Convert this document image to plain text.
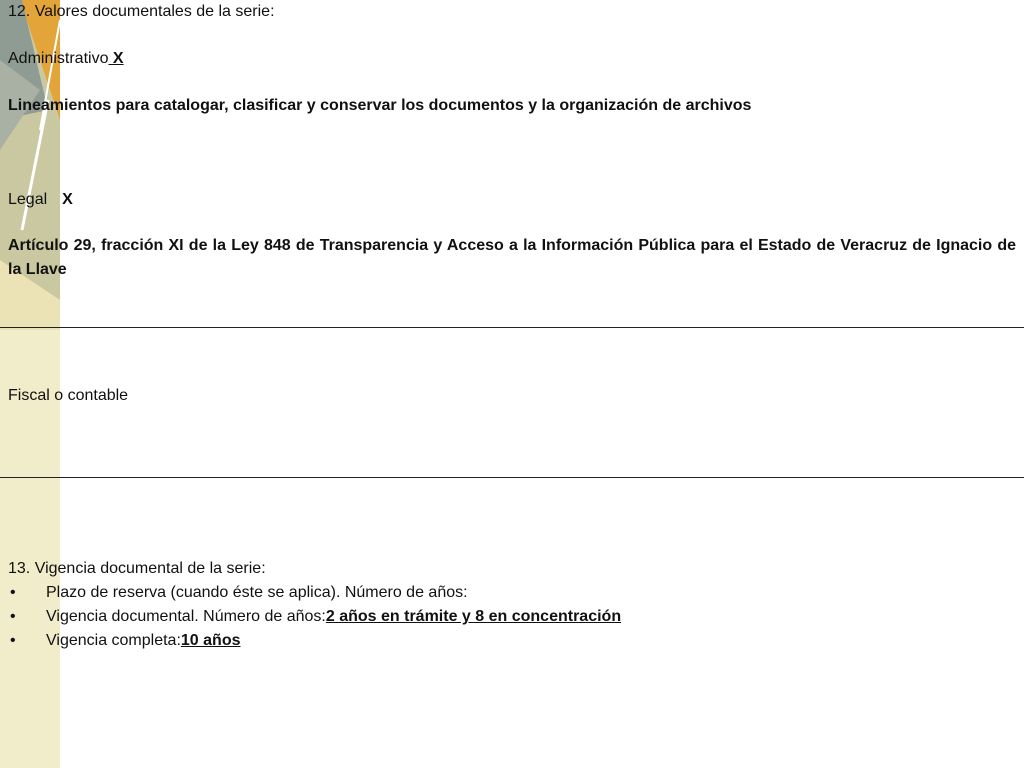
12. Valores documentales de la serie:
Administrativo X
Lineamientos para catalogar, clasificar y conservar los documentos y la organización de archivos
Legal X
Artículo 29, fracción XI de la Ley 848 de Transparencia y Acceso a la Información Pública para el Estado de Veracruz de Ignacio de la Llave
Fiscal o contable
13. Vigencia documental de la serie:
• Plazo de reserva (cuando éste se aplica). Número de años:
• Vigencia documental. Número de años:2 años en trámite y 8 en concentración
• Vigencia completa:10 años
